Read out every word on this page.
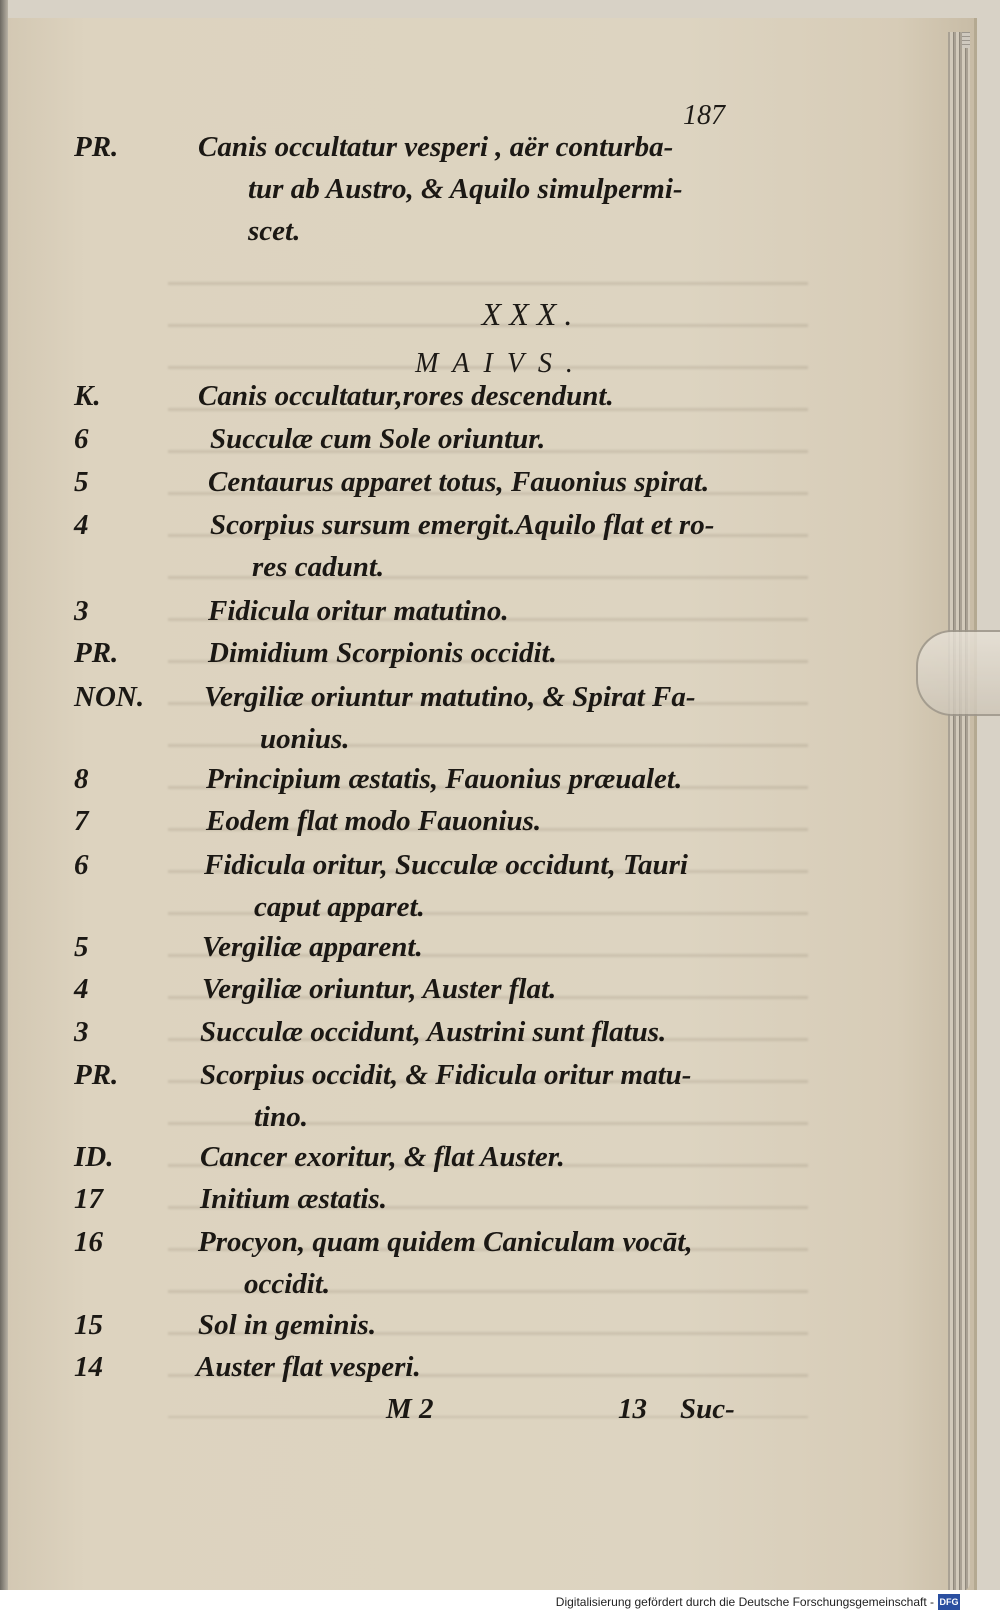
187
XXX.
MAIVS.
PR.	Canis occultatur vesperi , aër conturba-
tur ab Austro, & Aquilo simulpermi-
scet.
K.	Canis occultatur,rores descendunt.
6	Succulæ cum Sole oriuntur.
5	Centaurus apparet totus, Fauonius spirat.
4	Scorpius sursum emergit.Aquilo flat et ro-
res cadunt.
3	Fidicula oritur matutino.
PR.	Dimidium Scorpionis occidit.
NON.	Vergiliæ oriuntur matutino, & Spirat Fa-
uonius.
8	Principium æstatis, Fauonius præualet.
7	Eodem flat modo Fauonius.
6	Fidicula oritur, Succulæ occidunt, Tauri
caput apparet.
5	Vergiliæ apparent.
4	Vergiliæ oriuntur, Auster flat.
3	Succulæ occidunt, Austrini sunt flatus.
PR.	Scorpius occidit, & Fidicula oritur matu-
tino.
ID.	Cancer exoritur, & flat Auster.
17	Initium æstatis.
16	Procyon, quam quidem Caniculam vocāt,
occidit.
15	Sol in geminis.
14	Auster flat vesperi.
M 2	13 Suc-
Digitalisierung gefördert durch die Deutsche Forschungsgemeinschaft - DFG
